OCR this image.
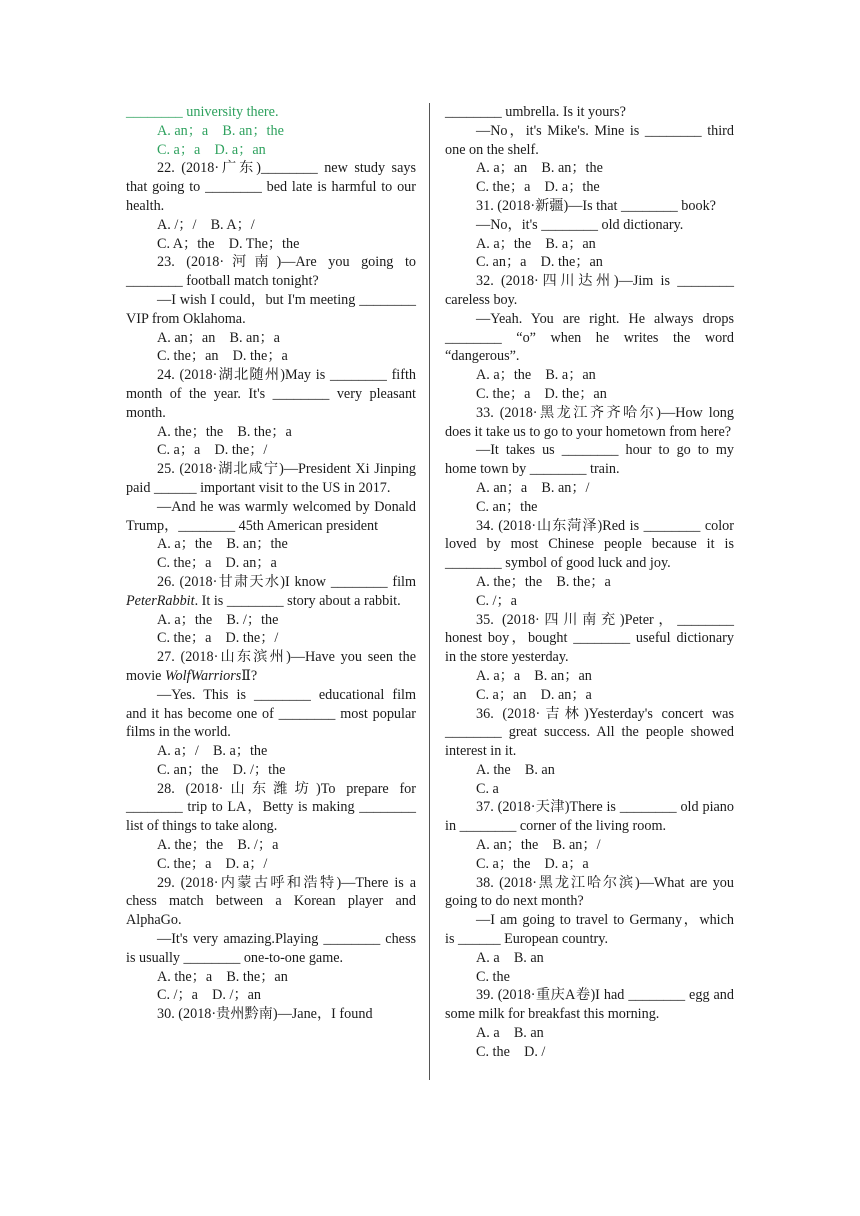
________ university there.

A. an；a　B. an；the

C. a；a　D. a；an

22. (2018·广东)________ new study says that going to ________ bed late is harmful to our health.

A. /；/　B. A；/

C. A；the　D. The；the

23. (2018·河南)—Are you going to ________ football match tonight?

—I wish I could，but I'm meeting ________ VIP from Oklahoma.

A. an；an　B. an；a

C. the；an　D. the；a

24. (2018·湖北随州)May is ________ fifth month of the year. It's ________ very pleasant month.

A. the；the　B. the；a

C. a；a　D. the；/

25. (2018·湖北咸宁)—President Xi Jinping paid ______ important visit to the US in 2017.

—And he was warmly welcomed by Donald Trump，________ 45th American president

A. a；the　B. an；the

C. the；a　D. an；a

26. (2018·甘肃天水)I know ________ film PeterRabbit. It is ________ story about a rabbit.

A. a；the　B. /；the

C. the；a　D. the；/

27. (2018·山东滨州)—Have you seen the movie WolfWarriorsⅡ?

—Yes. This is ________ educational film and it has become one of ________ most popular films in the world.

A. a；/　B. a；the

C. an；the　D. /；the

28. (2018·山东潍坊)To prepare for ________ trip to LA，Betty is making ________ list of things to take along.

A. the；the　B. /；a

C. the；a　D. a；/

29. (2018·内蒙古呼和浩特)—There is a chess match between a Korean player and AlphaGo.

—It's very amazing.Playing ________ chess is usually ________ one-to-one game.

A. the；a　B. the；an

C. /；a　D. /；an

30. (2018·贵州黔南)—Jane，I found

________ umbrella. Is it yours?

—No，it's Mike's. Mine is ________ third one on the shelf.

A. a；an　B. an；the

C. the；a　D. a；the

31. (2018·新疆)—Is that ________ book?

—No，it's ________ old dictionary.

A. a；the　B. a；an

C. an；a　D. the；an

32. (2018·四川达州)—Jim is ________ careless boy.

—Yeah. You are right. He always drops ________ “o” when he writes the word “dangerous”.

A. a；the　B. a；an

C. the；a　D. the；an

33. (2018·黑龙江齐齐哈尔)—How long does it take us to go to your hometown from here?

—It takes us ________ hour to go to my home town by ________ train.

A. an；a　B. an；/

C. an；the

34. (2018·山东菏泽)Red is ________ color loved by most Chinese people because it is ________ symbol of good luck and joy.

A. the；the　B. the；a

C. /；a

35. (2018·四川南充)Peter，________ honest boy，bought ________ useful dictionary in the store yesterday.

A. a；a　B. an；an

C. a；an　D. an；a

36. (2018·吉林)Yesterday's concert was ________ great success. All the people showed interest in it.

A. the　B. an

C. a

37. (2018·天津)There is ________ old piano in ________ corner of the living room.

A. an；the　B. an；/

C. a；the　D. a；a

38. (2018·黑龙江哈尔滨)—What are you going to do next month?

—I am going to travel to Germany，which is ______ European country.

A. a　B. an

C. the

39. (2018·重庆A卷)I had ________ egg and some milk for breakfast this morning.

A. a　B. an

C. the　D. /
